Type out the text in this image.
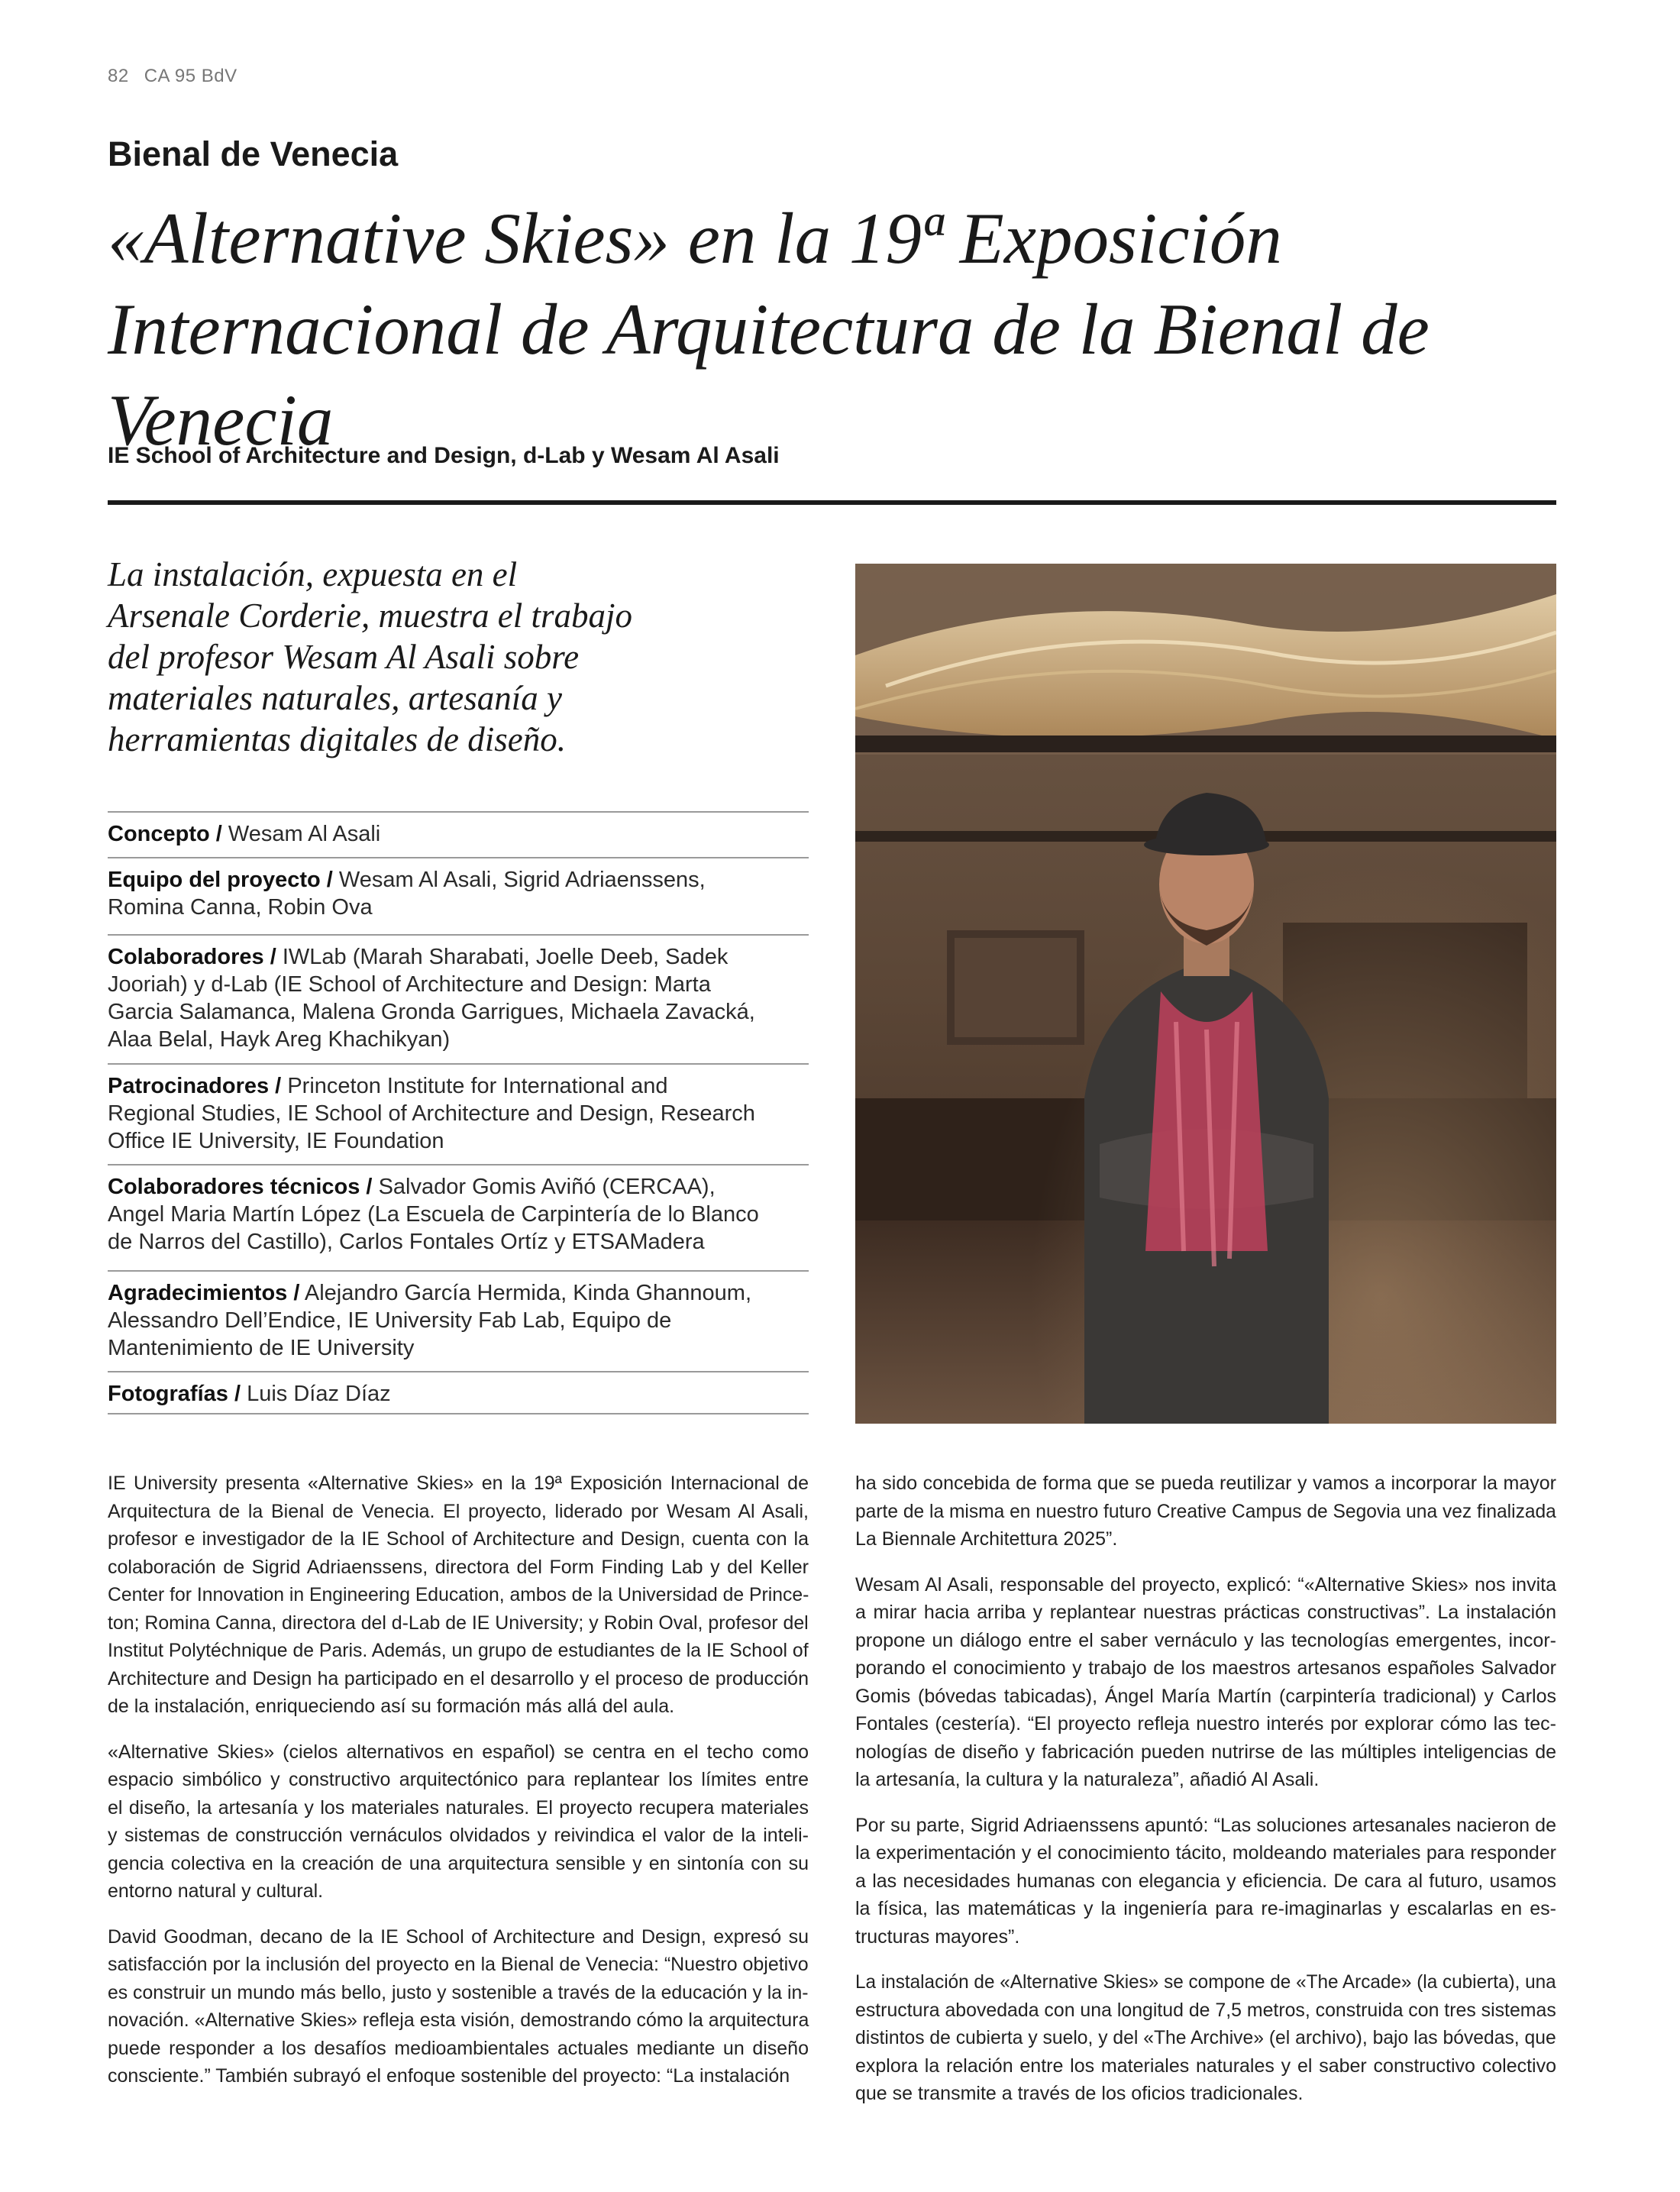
82 CA 95 BdV
Bienal de Venecia
«Alternative Skies» en la 19ª Exposición
Internacional de Arquitectura de la Bienal de
Venecia
IE School of Architecture and Design, d-Lab y Wesam Al Asali

La instalación, expuesta en el
Arsenale Corderie, muestra el trabajo
del profesor Wesam Al Asali sobre
materiales naturales, artesanía y
herramientas digitales de diseño.

Concepto / Wesam Al Asali
Equipo del proyecto / Wesam Al Asali, Sigrid Adriaenssens,
Romina Canna, Robin Ova
Colaboradores / IWLab (Marah Sharabati, Joelle Deeb, Sadek
Jooriah) y d-Lab (IE School of Architecture and Design: Marta
Garcia Salamanca, Malena Gronda Garrigues, Michaela Zavacká,
Alaa Belal, Hayk Areg Khachikyan)
Patrocinadores / Princeton Institute for International and
Regional Studies, IE School of Architecture and Design, Research
Office IE University, IE Foundation
Colaboradores técnicos / Salvador Gomis Aviñó (CERCAA),
Angel Maria Martín López (La Escuela de Carpintería de lo Blanco
de Narros del Castillo), Carlos Fontales Ortíz y ETSAMadera
Agradecimientos / Alejandro García Hermida, Kinda Ghannoum,
Alessandro Dell’Endice, IE University Fab Lab, Equipo de
Mantenimiento de IE University
Fotografías / Luis Díaz Díaz

IE University presenta «Alternative Skies» en la 19ª Exposición Internacional de
Arquitectura de la Bienal de Venecia. El proyecto, liderado por Wesam Al Asali,
profesor e investigador de la IE School of Architecture and Design, cuenta con la
colaboración de Sigrid Adriaenssens, directora del Form Finding Lab y del Keller
Center for Innovation in Engineering Education, ambos de la Universidad de Prince-
ton; Romina Canna, directora del d-Lab de IE University; y Robin Oval, profesor del
Institut Polytéchnique de Paris. Además, un grupo de estudiantes de la IE School of
Architecture and Design ha participado en el desarrollo y el proceso de producción
de la instalación, enriqueciendo así su formación más allá del aula.

«Alternative Skies» (cielos alternativos en español) se centra en el techo como
espacio simbólico y constructivo arquitectónico para replantear los límites entre
el diseño, la artesanía y los materiales naturales. El proyecto recupera materiales
y sistemas de construcción vernáculos olvidados y reivindica el valor de la inteli-
gencia colectiva en la creación de una arquitectura sensible y en sintonía con su
entorno natural y cultural.

David Goodman, decano de la IE School of Architecture and Design, expresó su
satisfacción por la inclusión del proyecto en la Bienal de Venecia: “Nuestro objetivo
es construir un mundo más bello, justo y sostenible a través de la educación y la in-
novación. «Alternative Skies» refleja esta visión, demostrando cómo la arquitectura
puede responder a los desafíos medioambientales actuales mediante un diseño
consciente.” También subrayó el enfoque sostenible del proyecto: “La instalación

ha sido concebida de forma que se pueda reutilizar y vamos a incorporar la mayor
parte de la misma en nuestro futuro Creative Campus de Segovia una vez finalizada
La Biennale Architettura 2025”.

Wesam Al Asali, responsable del proyecto, explicó: “«Alternative Skies» nos invita
a mirar hacia arriba y replantear nuestras prácticas constructivas”. La instalación
propone un diálogo entre el saber vernáculo y las tecnologías emergentes, incor-
porando el conocimiento y trabajo de los maestros artesanos españoles Salvador
Gomis (bóvedas tabicadas), Ángel María Martín (carpintería tradicional) y Carlos
Fontales (cestería). “El proyecto refleja nuestro interés por explorar cómo las tec-
nologías de diseño y fabricación pueden nutrirse de las múltiples inteligencias de
la artesanía, la cultura y la naturaleza”, añadió Al Asali.

Por su parte, Sigrid Adriaenssens apuntó: “Las soluciones artesanales nacieron de
la experimentación y el conocimiento tácito, moldeando materiales para responder
a las necesidades humanas con elegancia y eficiencia. De cara al futuro, usamos
la física, las matemáticas y la ingeniería para re-imaginarlas y escalarlas en es-
tructuras mayores”.

La instalación de «Alternative Skies» se compone de «The Arcade» (la cubierta), una
estructura abovedada con una longitud de 7,5 metros, construida con tres sistemas
distintos de cubierta y suelo, y del «The Archive» (el archivo), bajo las bóvedas, que
explora la relación entre los materiales naturales y el saber constructivo colectivo
que se transmite a través de los oficios tradicionales.
